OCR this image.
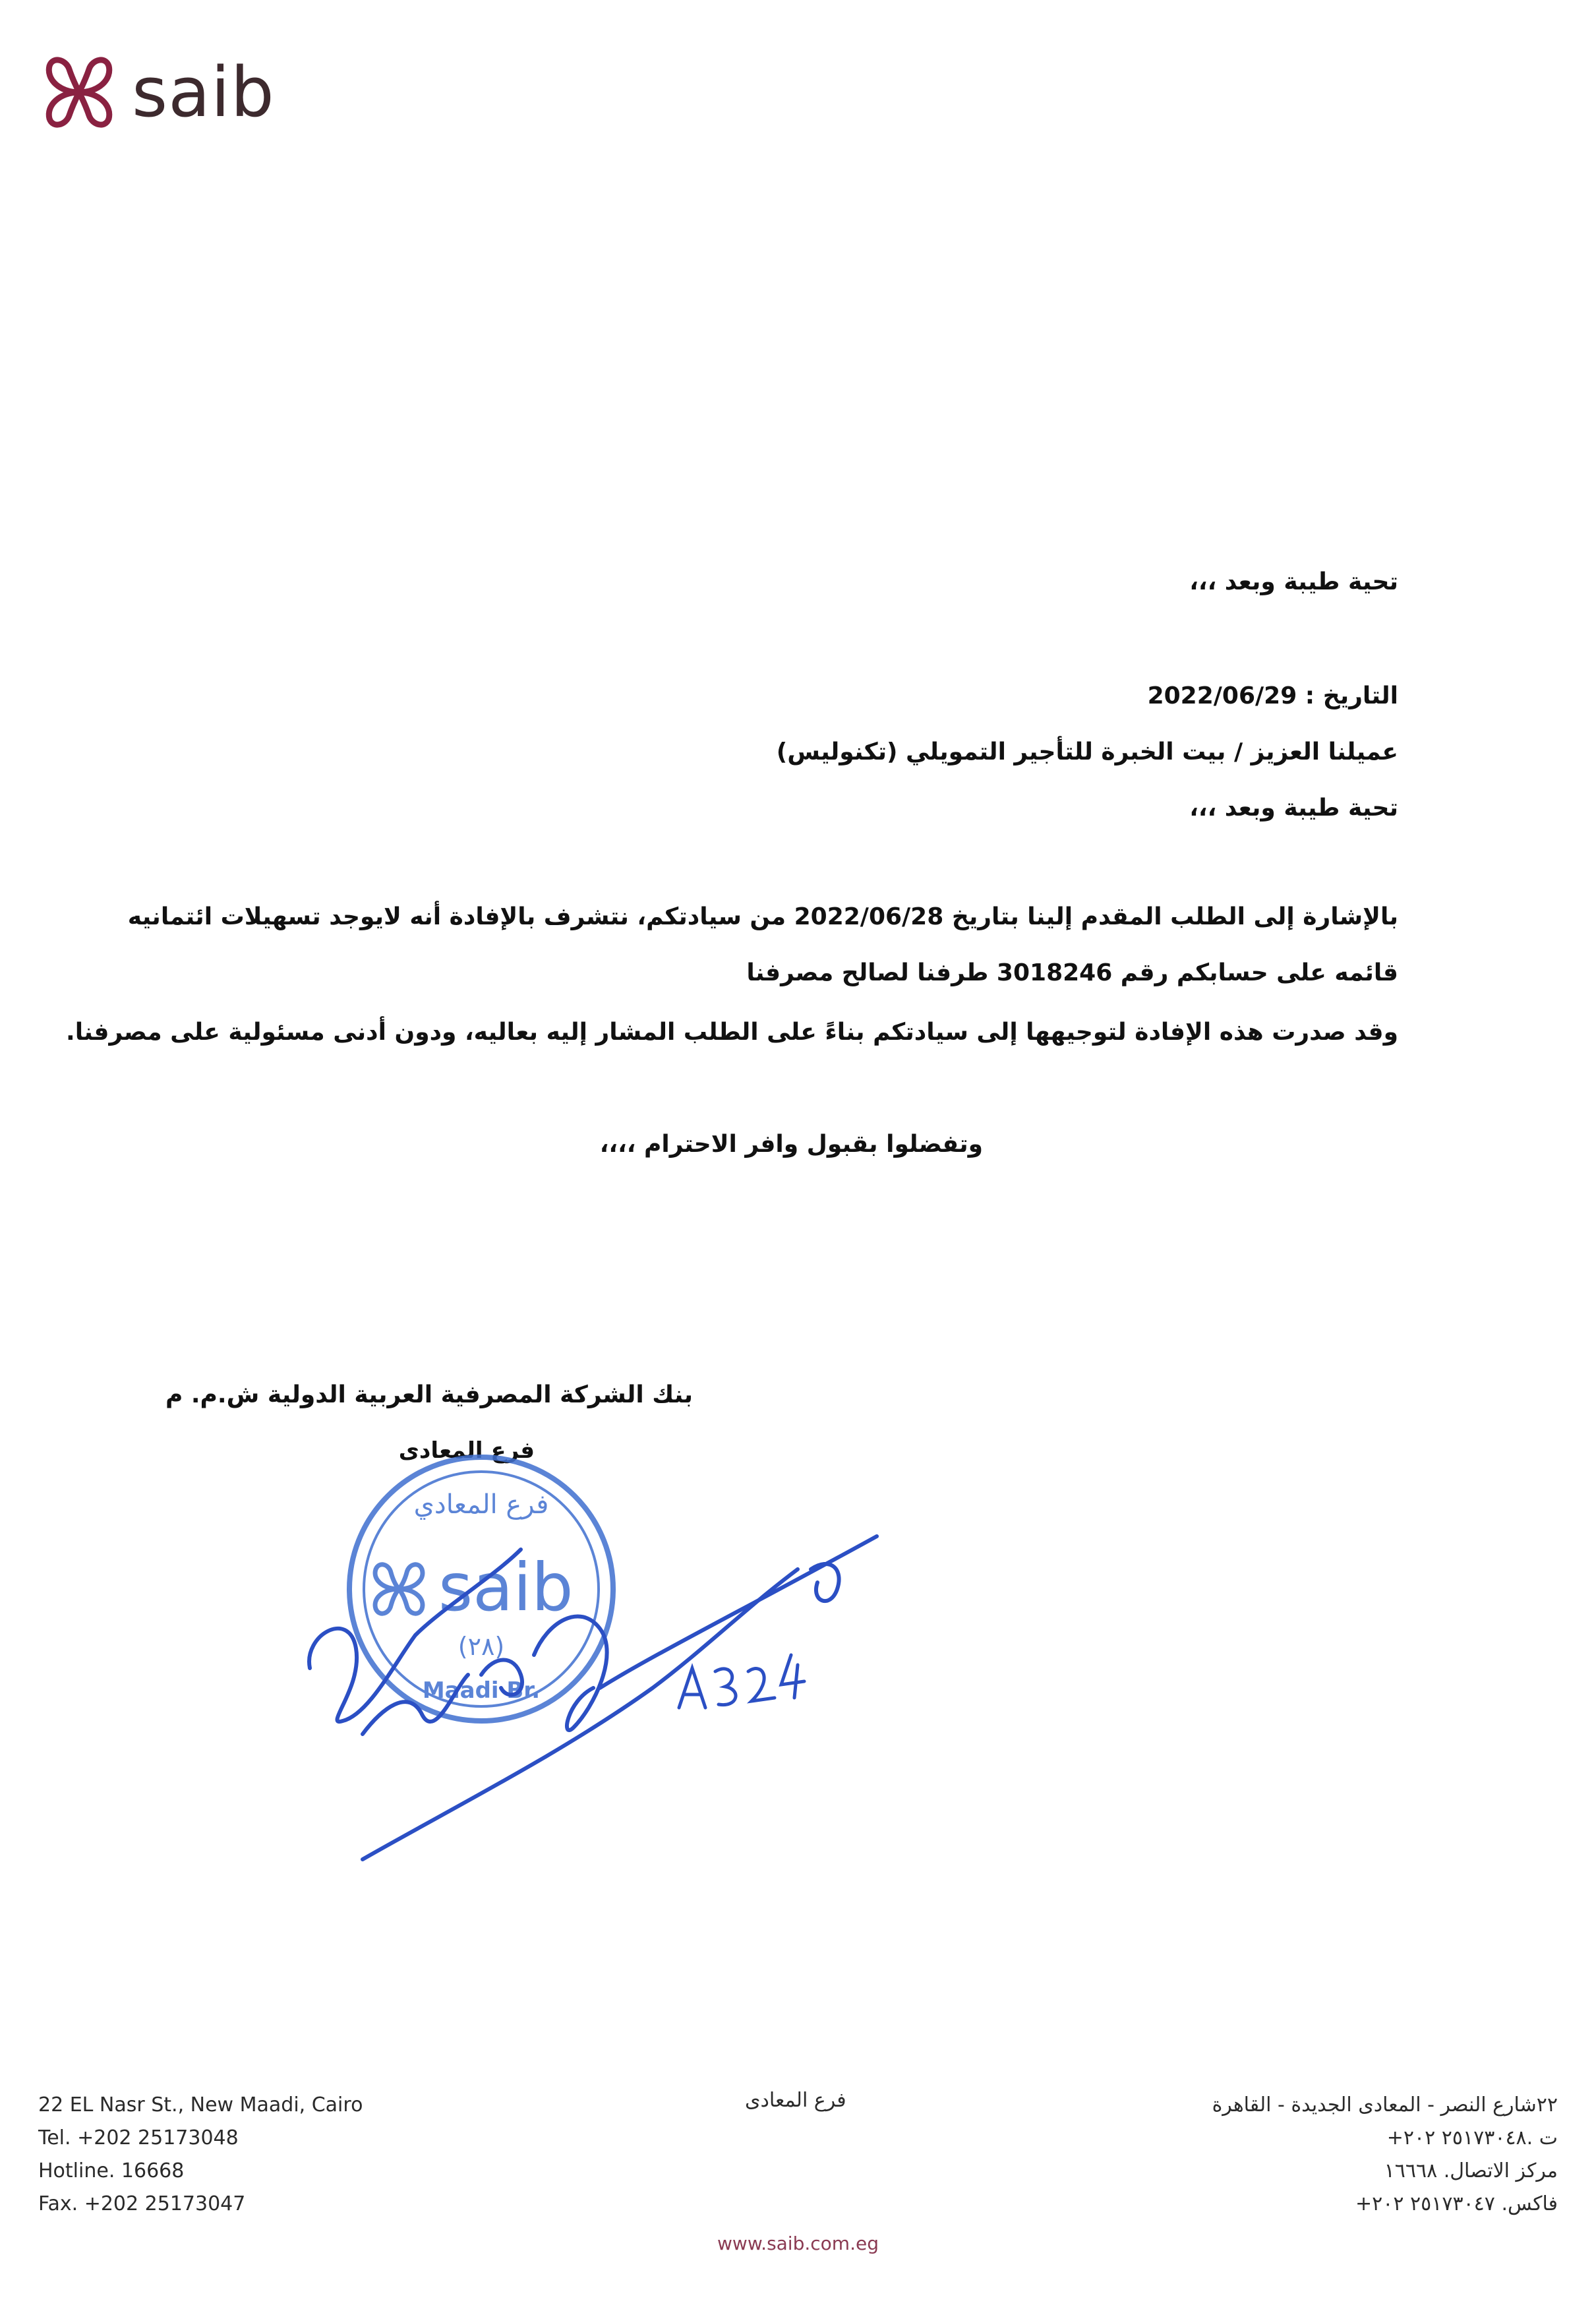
saib
تحية طيبة وبعد ،،،
التاريخ : 2022/06/29
عميلنا العزيز / بيت الخبرة للتأجير التمويلي (تكنوليس)
تحية طيبة وبعد ،،،
بالإشارة إلى الطلب المقدم إلينا بتاريخ 2022/06/28 من سيادتكم، نتشرف بالإفادة أنه لايوجد تسهيلات ائتمانيه
قائمه على حسابكم رقم 3018246 طرفنا لصالح مصرفنا
وقد صدرت هذه الإفادة لتوجيهها إلى سيادتكم بناءً على الطلب المشار إليه بعاليه، ودون أدنى مسئولية على مصرفنا.
وتفضلوا بقبول وافر الاحترام ،،،،
بنك الشركة المصرفية العربية الدولية ش.م. م
فرع المعادى
فرع المعادي
saib
(٢٨)
Maadi Br.
22 EL Nasr St., New Maadi, Cairo
Tel. +202 25173048
Hotline. 16668
Fax. +202 25173047
فرع المعادى	٢٢شارع النصر - المعادى الجديدة - القاهرة
ت .٢٥١٧٣٠٤٨ ٢٠٢+
مركز الاتصال. ١٦٦٦٨
فاكس. ٢٥١٧٣٠٤٧ ٢٠٢+
www.saib.com.eg
